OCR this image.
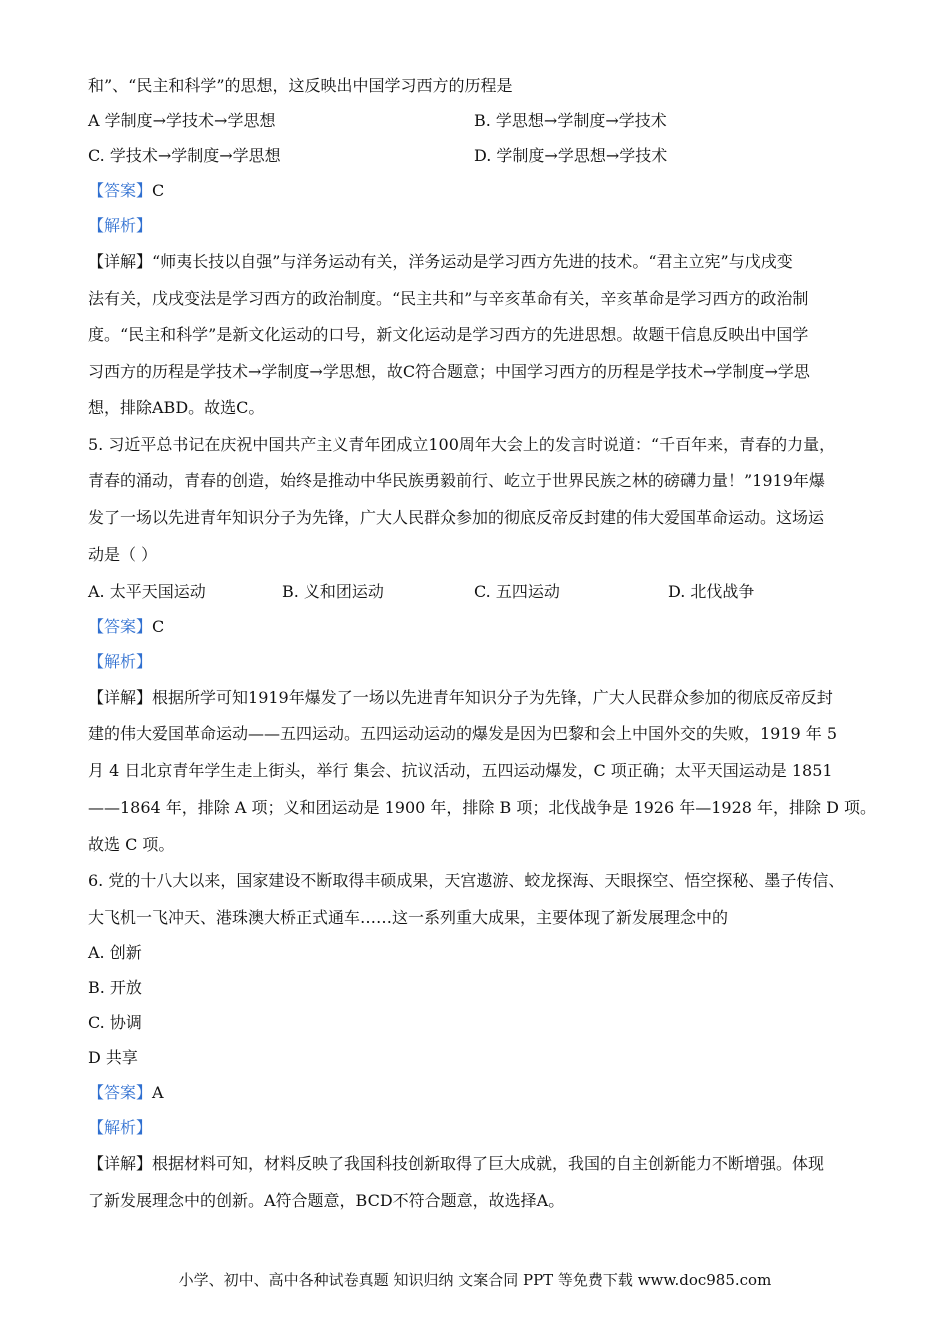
和”、“民主和科学”的思想，这反映出中国学习西方的历程是
A 学制度→学技术→学思想	B. 学思想→学制度→学技术
C. 学技术→学制度→学思想	D. 学制度→学思想→学技术
【答案】C
【解析】
【详解】“师夷长技以自强”与洋务运动有关，洋务运动是学习西方先进的技术。“君主立宪”与戊戌变
法有关，戊戌变法是学习西方的政治制度。“民主共和”与辛亥革命有关，辛亥革命是学习西方的政治制
度。“民主和科学”是新文化运动的口号，新文化运动是学习西方的先进思想。故题干信息反映出中国学
习西方的历程是学技术→学制度→学思想，故C符合题意；中国学习西方的历程是学技术→学制度→学思
想，排除ABD。故选C。
5. 习近平总书记在庆祝中国共产主义青年团成立100周年大会上的发言时说道：“千百年来，青春的力量，
青春的涌动，青春的创造，始终是推动中华民族勇毅前行、屹立于世界民族之林的磅礴力量！”1919年爆
发了一场以先进青年知识分子为先锋，广大人民群众参加的彻底反帝反封建的伟大爱国革命运动。这场运
动是（ ）
A. 太平天国运动	B. 义和团运动	C. 五四运动	D. 北伐战争
【答案】C
【解析】
【详解】根据所学可知1919年爆发了一场以先进青年知识分子为先锋，广大人民群众参加的彻底反帝反封
建的伟大爱国革命运动——五四运动。五四运动运动的爆发是因为巴黎和会上中国外交的失败，1919 年 5
月 4 日北京青年学生走上街头，举行 集会、抗议活动，五四运动爆发，C 项正确；太平天国运动是 1851
——1864 年，排除 A 项；义和团运动是 1900 年，排除 B 项；北伐战争是 1926 年—1928 年，排除 D 项。
故选 C 项。
6. 党的十八大以来，国家建设不断取得丰硕成果，天宫遨游、蛟龙探海、天眼探空、悟空探秘、墨子传信、
大飞机一飞冲天、港珠澳大桥正式通车……这一系列重大成果，主要体现了新发展理念中的
A. 创新
B. 开放
C. 协调
D 共享
【答案】A
【解析】
【详解】根据材料可知，材料反映了我国科技创新取得了巨大成就，我国的自主创新能力不断增强。体现
了新发展理念中的创新。A符合题意，BCD不符合题意，故选择A。
小学、初中、高中各种试卷真题 知识归纳 文案合同 PPT 等免费下载 www.doc985.com
